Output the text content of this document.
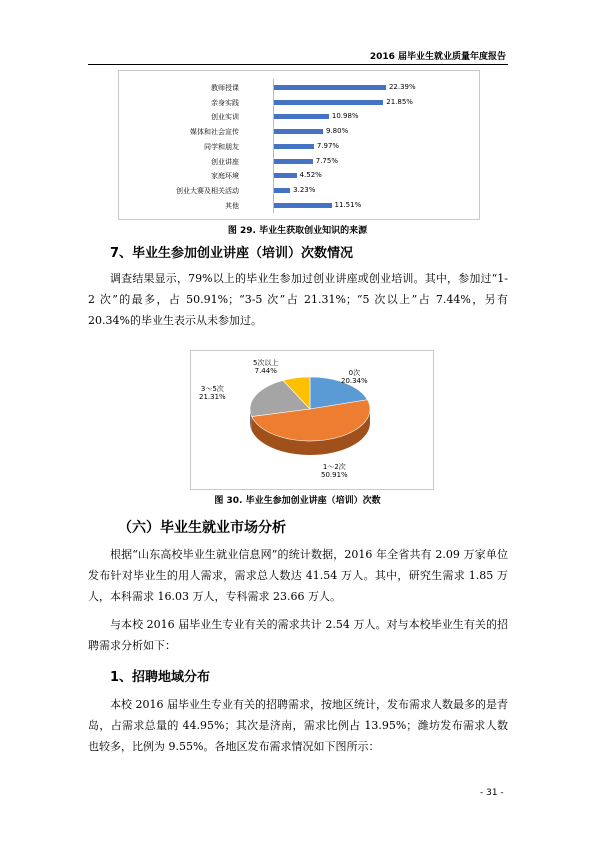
2016 届毕业生就业质量年度报告
教师授课	22.39%
亲身实践	21.85%
创业实训	10.98%
媒体和社会宣传	9.80%
同学和朋友	7.97%
创业讲座	7.75%
家庭环境	4.52%
创业大赛及相关活动	3.23%
其他	11.51%
图 29. 毕业生获取创业知识的来源
7、毕业生参加创业讲座（培训）次数情况

调查结果显示，79%以上的毕业生参加过创业讲座或创业培训。其中，参加过“1-2 次”的最多，占 50.91%；“3-5 次”占 21.31%；“5 次以上”占 7.44%，另有 20.34%的毕业生表示从未参加过。

0次
20.34%
1～2次
50.91%
3～5次
21.31%
5次以上
7.44%
图 30. 毕业生参加创业讲座（培训）次数
（六）毕业生就业市场分析

根据“山东高校毕业生就业信息网”的统计数据，2016 年全省共有 2.09 万家单位发布针对毕业生的用人需求，需求总人数达 41.54 万人。其中，研究生需求 1.85 万人，本科需求 16.03 万人，专科需求 23.66 万人。

与本校 2016 届毕业生专业有关的需求共计 2.54 万人。对与本校毕业生有关的招聘需求分析如下：

1、招聘地域分布

本校 2016 届毕业生专业有关的招聘需求，按地区统计，发布需求人数最多的是青岛，占需求总量的 44.95%；其次是济南，需求比例占 13.95%；潍坊发布需求人数也较多，比例为 9.55%。各地区发布需求情况如下图所示：

- 31 -
